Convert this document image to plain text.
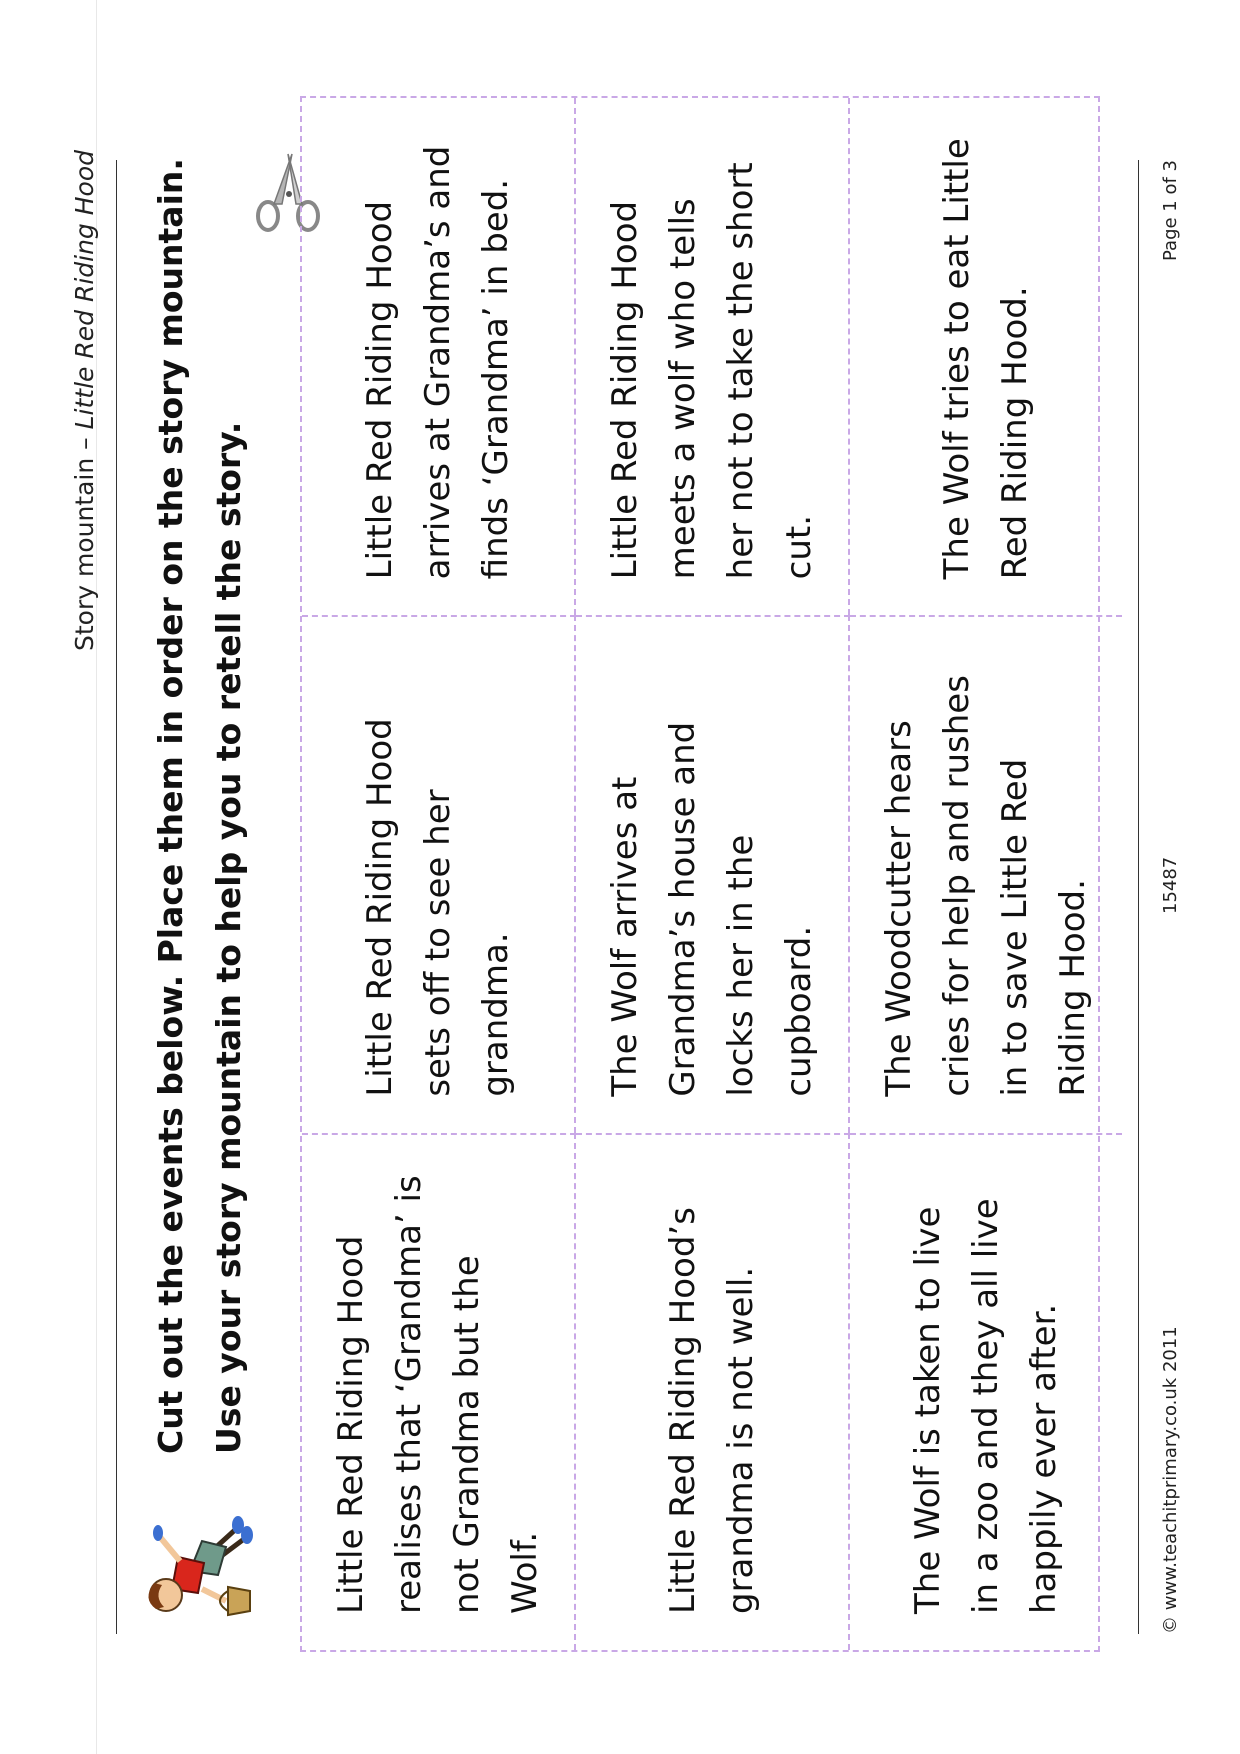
Story mountain – Little Red Riding Hood Cut out the events below. Place them in order on the story mountain. Use your story mountain to help you to retell the story. Little Red Riding Hood realises that ‘Grandma’ is not Grandma but the Wolf.
Little Red Riding Hood sets off to see her grandma.
Little Red Riding Hood arrives at Grandma’s and finds ‘Grandma’ in bed.
Little Red Riding Hood’s grandma is not well.
The Wolf arrives at Grandma’s house and locks her in the cupboard.
Little Red Riding Hood meets a wolf who tells her not to take the short cut.
The Wolf is taken to live in a zoo and they all live happily ever after.
The Woodcutter hears cries for help and rushes in to save Little Red Riding Hood.
The Wolf tries to eat Little Red Riding Hood.
© www.teachitprimary.co.uk 2011
15487
Page 1 of 3
